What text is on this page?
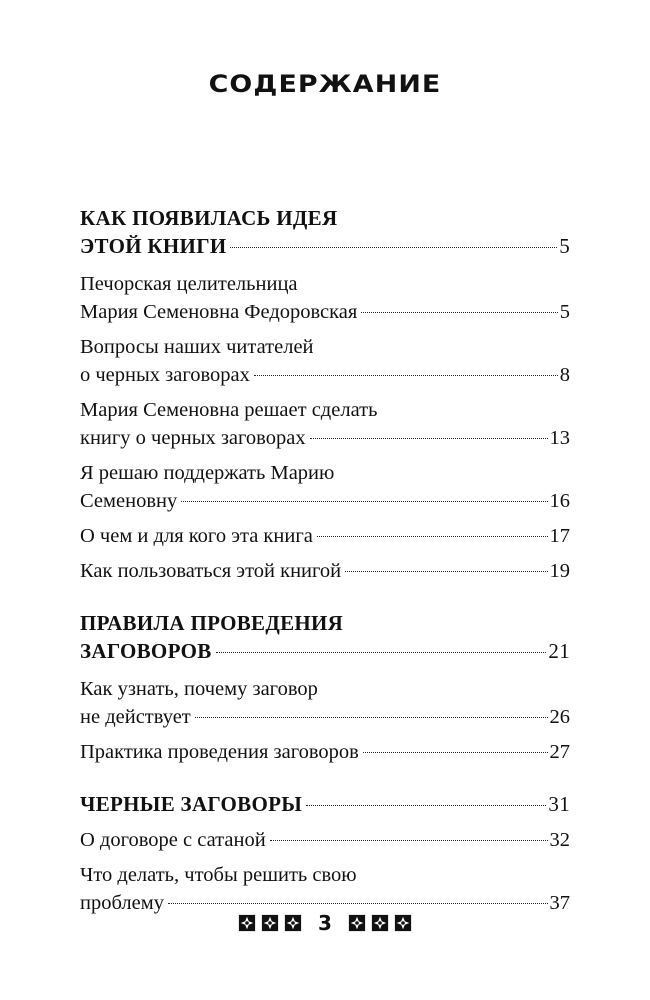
СОДЕРЖАНИЕ
КАК ПОЯВИЛАСЬ ИДЕЯ
ЭТОЙ КНИГИ	5
Печорская целительница
Мария Семеновна Федоровская	5
Вопросы наших читателей
о черных заговорах	8
Мария Семеновна решает сделать
книгу о черных заговорах	13
Я решаю поддержать Марию
Семеновну	16
О чем и для кого эта книга	17
Как пользоваться этой книгой	19
ПРАВИЛА ПРОВЕДЕНИЯ
ЗАГОВОРОВ	21
Как узнать, почему заговор
не действует	26
Практика проведения заговоров	27
ЧЕРНЫЕ ЗАГОВОРЫ	31
О договоре с сатаной	32
Что делать, чтобы решить свою
проблему	37
3
